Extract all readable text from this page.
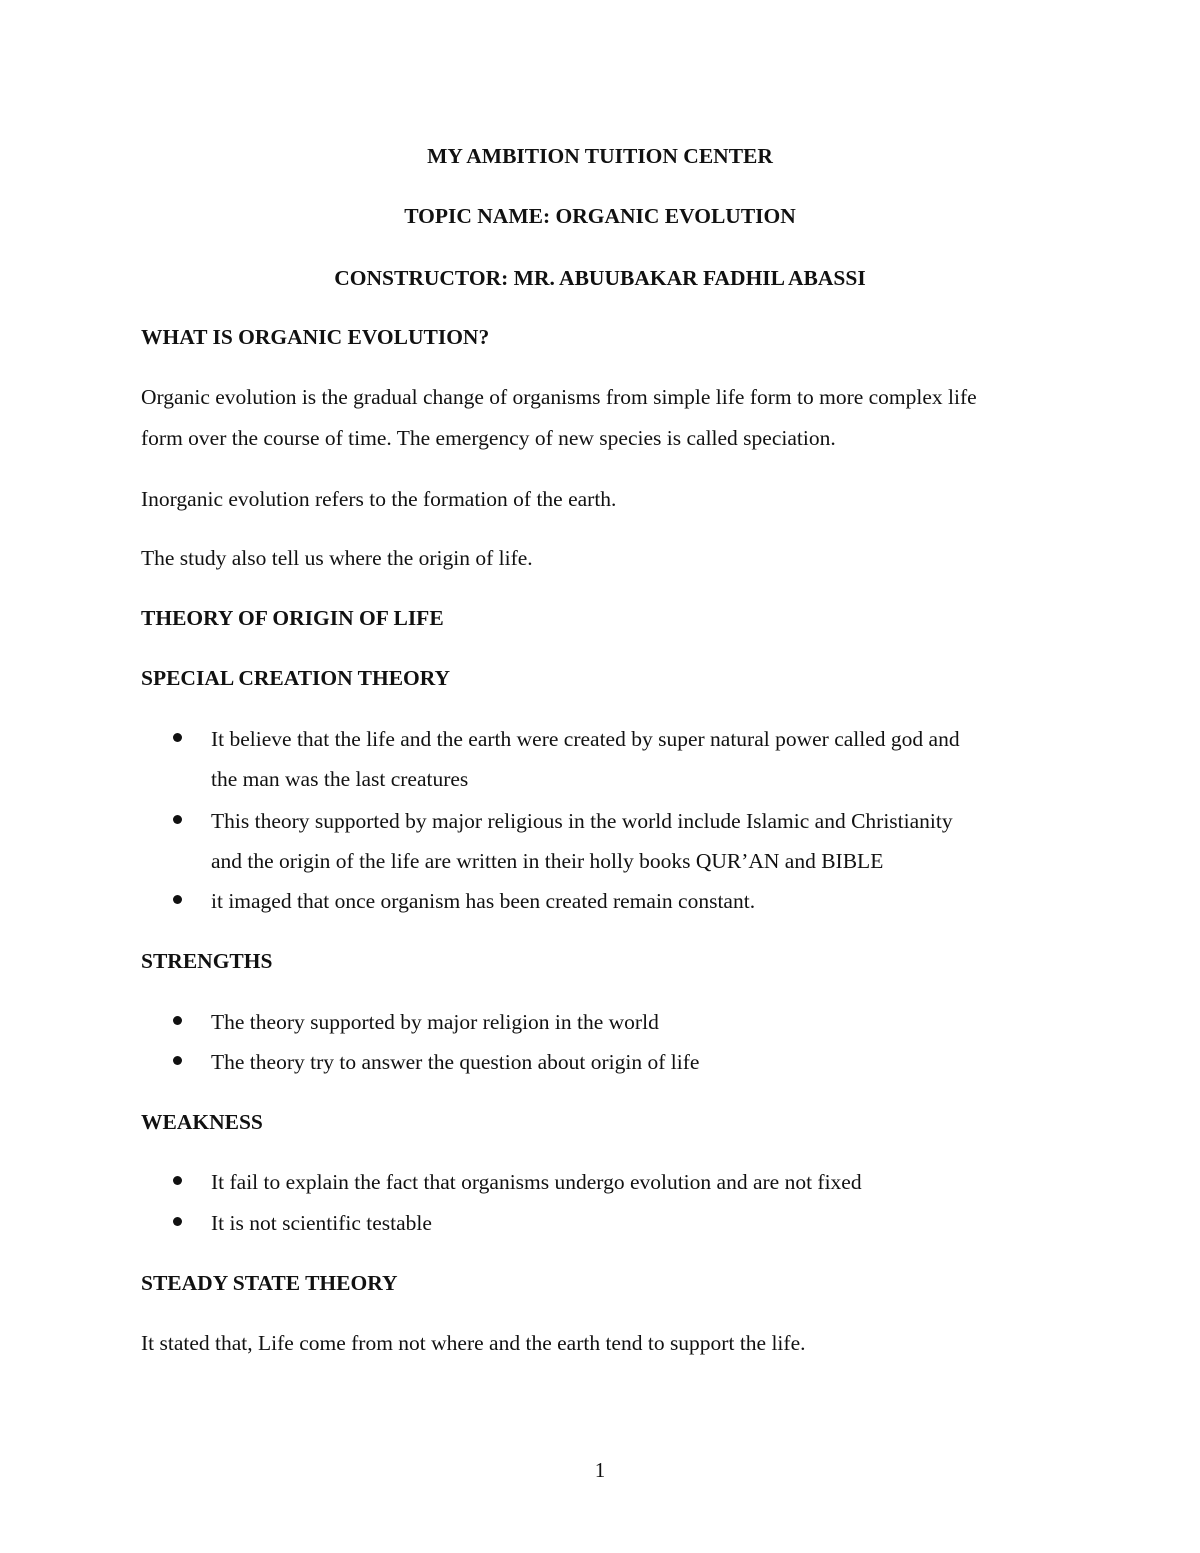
MY AMBITION TUITION CENTER
TOPIC NAME: ORGANIC EVOLUTION
CONSTRUCTOR: MR. ABUUBAKAR FADHIL ABASSI
WHAT IS ORGANIC EVOLUTION?
Organic evolution is the gradual change of organisms from simple life form to more complex life
form over the course of time. The emergency of new species is called speciation.
Inorganic evolution refers to the formation of the earth.
The study also tell us where the origin of life.
THEORY OF ORIGIN OF LIFE
SPECIAL CREATION THEORY
It believe that the life and the earth were created by super natural power called god and
the man was the last creatures
This theory supported by major religious in the world include Islamic and Christianity
and the origin of the life are written in their holly books QUR’AN and BIBLE
it imaged that once organism has been created remain constant.
STRENGTHS
The theory supported by major religion in the world
The theory try to answer the question about origin of life
WEAKNESS
It fail to explain the fact that organisms undergo evolution and are not fixed
It is not scientific testable
STEADY STATE THEORY
It stated that, Life come from not where and the earth tend to support the life.
1
